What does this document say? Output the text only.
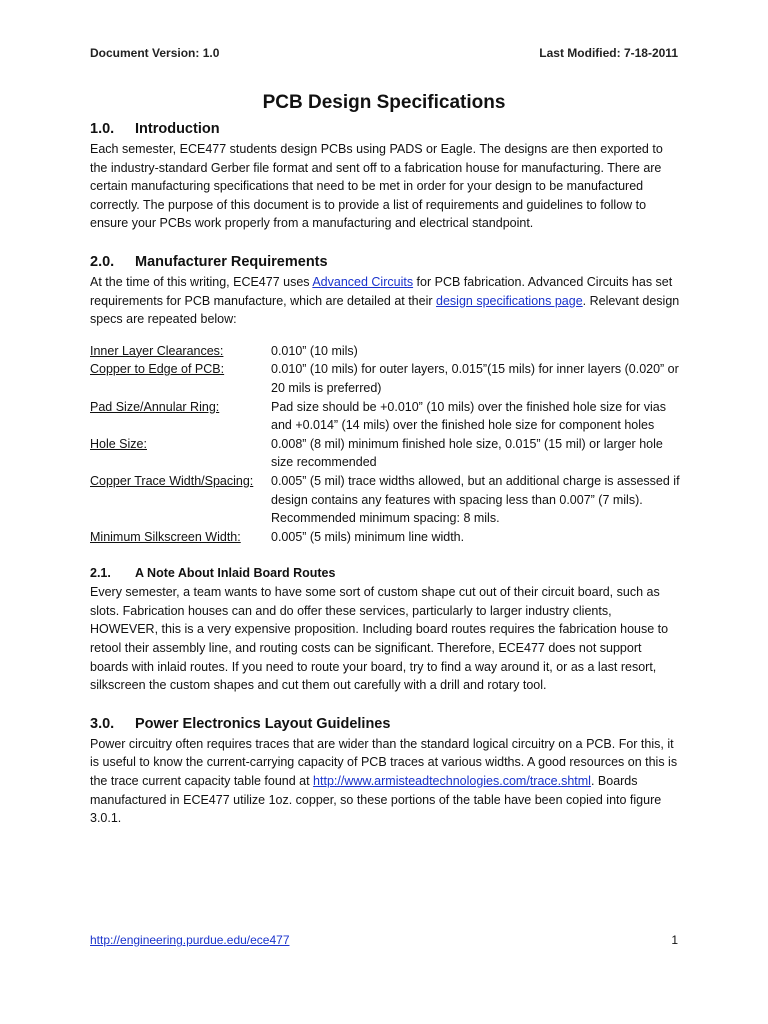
Document Version: 1.0	Last Modified: 7-18-2011
PCB Design Specifications
1.0. Introduction

Each semester, ECE477 students design PCBs using PADS or Eagle. The designs are then exported to the industry-standard Gerber file format and sent off to a fabrication house for manufacturing. There are certain manufacturing specifications that need to be met in order for your design to be manufactured correctly. The purpose of this document is to provide a list of requirements and guidelines to follow to ensure your PCBs work properly from a manufacturing and electrical standpoint.

2.0. Manufacturer Requirements

At the time of this writing, ECE477 uses Advanced Circuits for PCB fabrication. Advanced Circuits has set requirements for PCB manufacture, which are detailed at their design specifications page. Relevant design specs are repeated below:

Inner Layer Clearances:	0.010” (10 mils)
Copper to Edge of PCB:	0.010” (10 mils) for outer layers, 0.015”(15 mils) for inner layers (0.020” or 20 mils is preferred)
Pad Size/Annular Ring:	Pad size should be +0.010” (10 mils) over the finished hole size for vias and +0.014” (14 mils) over the finished hole size for component holes
Hole Size:	0.008” (8 mil) minimum finished hole size, 0.015” (15 mil) or larger hole size recommended
Copper Trace Width/Spacing:	0.005” (5 mil) trace widths allowed, but an additional charge is assessed if design contains any features with spacing less than 0.007” (7 mils). Recommended minimum spacing: 8 mils.
Minimum Silkscreen Width:	0.005” (5 mils) minimum line width.
2.1. A Note About Inlaid Board Routes

Every semester, a team wants to have some sort of custom shape cut out of their circuit board, such as slots. Fabrication houses can and do offer these services, particularly to larger industry clients, HOWEVER, this is a very expensive proposition. Including board routes requires the fabrication house to retool their assembly line, and routing costs can be significant. Therefore, ECE477 does not support boards with inlaid routes. If you need to route your board, try to find a way around it, or as a last resort, silkscreen the custom shapes and cut them out carefully with a drill and rotary tool.

3.0. Power Electronics Layout Guidelines

Power circuitry often requires traces that are wider than the standard logical circuitry on a PCB. For this, it is useful to know the current-carrying capacity of PCB traces at various widths. A good resources on this is the trace current capacity table found at http://www.armisteadtechnologies.com/trace.shtml. Boards manufactured in ECE477 utilize 1oz. copper, so these portions of the table have been copied into figure 3.0.1.

http://engineering.purdue.edu/ece477	1
